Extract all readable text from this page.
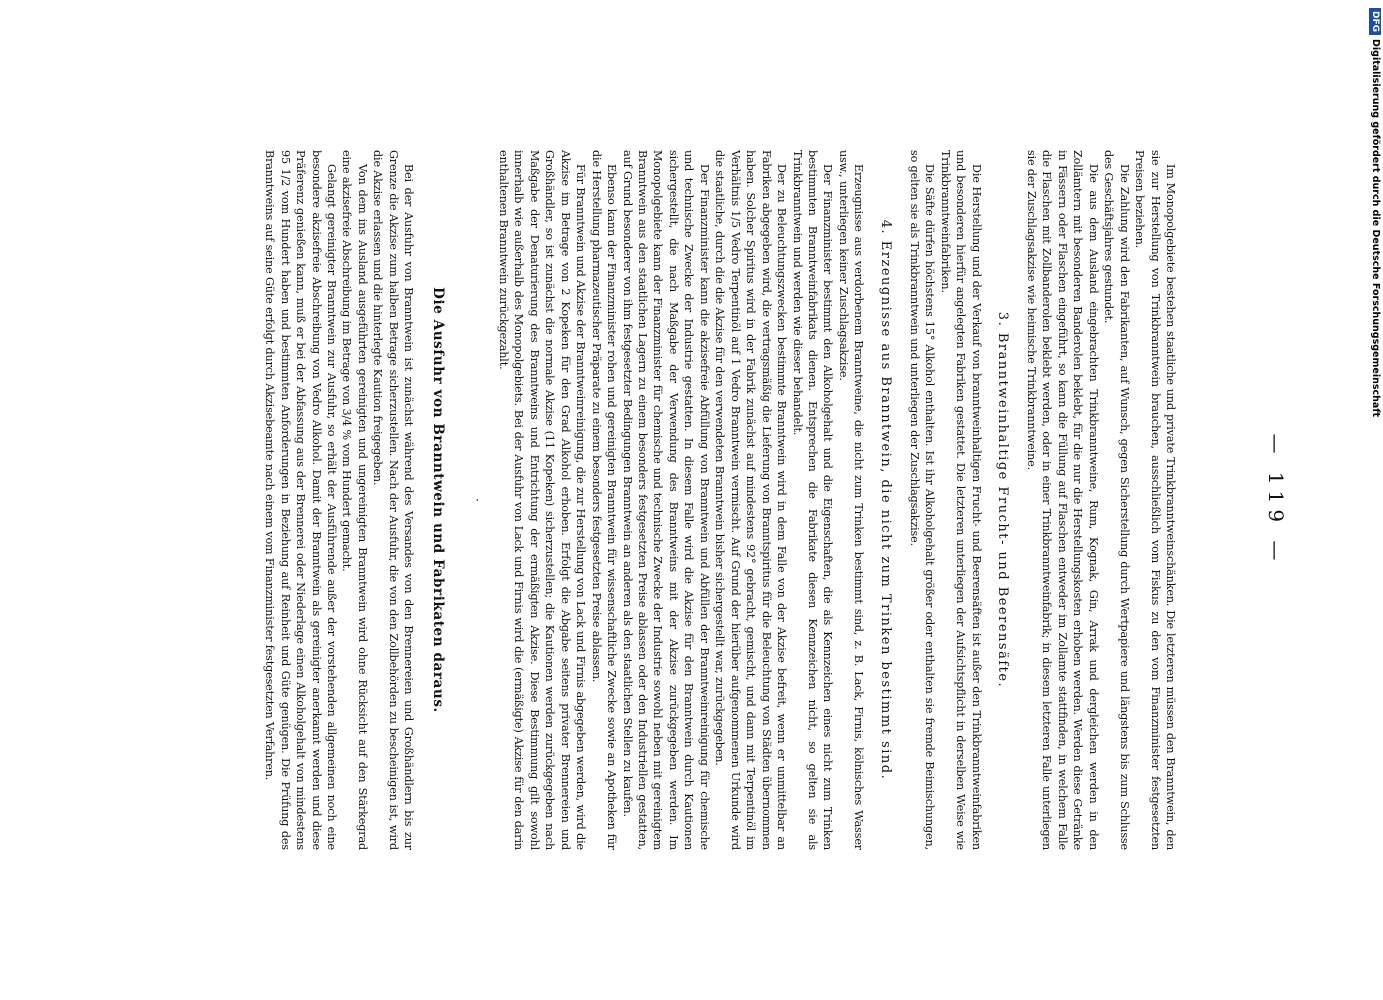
— 119 —

Im Monopolgebiete bestehen staatliche und private Trinkbranntweinschänken. Die letzteren müssen den Branntwein, den sie zur Herstellung von Trinkbranntwein brauchen, ausschließlich vom Fiskus zu den vom Finanzminister festgesetzten Preisen beziehen.

Die Zahlung wird den Fabrikanten, auf Wunsch, gegen Sicherstellung durch Wertpapiere und längstens bis zum Schlusse des Geschäftsjahres gestundet.

Die aus dem Ausland eingebrachten Trinkbranntweine, Rum, Kognak, Gin, Arrak und dergleichen werden in den Zollämtern mit besonderen Banderolen beklebt, für die nur die Herstellungskosten erhoben werden. Werden diese Getränke in Fässern oder Flaschen eingeführt, so kann die Füllung auf Flaschen entweder im Zollamte stattfinden, in welchem Falle die Flaschen mit Zollbanderolen beklebt werden, oder in einer Trinkbranntweinfabrik; in diesem letzteren Falle unterliegen sie der Zuschlagsakzise wie heimische Trinkbranntweine.

3. Branntweinhaltige Frucht- und Beerensäfte.

Die Herstellung und der Verkauf von branntweinhaltigen Frucht- und Beerensäften ist außer den Trinkbranntweinfabriken und besonderen hierfür angelegten Fabriken gestattet. Die letzteren unterliegen der Aufsichtspflicht in derselben Weise wie Trinkbranntweinfabriken.

Die Säfte dürfen höchstens 15° Alkohol enthalten. Ist ihr Alkoholgehalt größer oder enthalten sie fremde Beimischungen, so gelten sie als Trinkbranntwein und unterliegen der Zuschlagsakzise.

4. Erzeugnisse aus Branntwein, die nicht zum Trinken bestimmt sind.

Erzeugnisse aus verdorbenem Branntweine, die nicht zum Trinken bestimmt sind, z. B. Lack, Firnis, kölnisches Wasser usw., unterliegen keiner Zuschlagsakzise.

Der Finanzminister bestimmt den Alkoholgehalt und die Eigenschaften, die als Kennzeichen eines nicht zum Trinken bestimmten Branntweinfabrikats dienen. Entsprechen die Fabrikate diesen Kennzeichen nicht, so gelten sie als Trinkbranntwein und werden wie dieser behandelt.

Der zu Beleuchtungszwecken bestimmte Branntwein wird in dem Falle von der Akzise befreit, wenn er unmittelbar an Fabriken abgegeben wird, die vertragsmäßig die Lieferung von Branntspiritus für die Beleuchtung von Städten übernommen haben. Solcher Spiritus wird in der Fabrik zunächst auf mindestens 92° gebracht, gemischt, und dann mit Terpentinöl im Verhältnis 1/5 Vedro Terpentinöl auf 1 Vedro Branntwein vermischt. Auf Grund der hierüber aufgenommenen Urkunde wird die staatliche, durch die die Akzise für den verwendeten Branntwein bisher sichergestellt war, zurückgegeben.

Der Finanzminister kann die akzisefreie Abfüllung von Branntwein und Abfüllen der Branntweinreinigung für chemische und technische Zwecke der Industrie gestatten. In diesem Falle wird die Akzise für den Branntwein durch Kautionen sichergestellt, die nach Maßgabe der Verwendung des Branntweins mit der Akzise zurückgegeben werden. Im Monopolgebiete kann der Finanzminister für chemische und technische Zwecke der Industrie sowohl neben mit gereinigtem Branntwein aus den staatlichen Lagern zu einem besonders festgesetzten Preise ablassen oder den Industriellen gestatten, auf Grund besonderer von ihm festgesetzter Bedingungen Branntwein an anderen als den staatlichen Stellen zu kaufen.

Ebenso kann der Finanzminister rohen und gereinigten Branntwein für wissenschaftliche Zwecke sowie an Apotheken für die Herstellung pharmazeutischer Präparate zu einem besonders festgesetzten Preise ablassen.

Für Branntwein und Akzise der Branntweinreinigung, die zur Herstellung von Lack und Firnis abgegeben werden, wird die Akzise im Betrage von 2 Kopeken für den Grad Alkohol erhoben. Erfolgt die Abgabe seitens privater Brennereien und Großhändler, so ist zunächst die normale Akzise (11 Kopeken) sicherzustellen; die Kautionen werden zurückgegeben nach Maßgabe der Denaturierung des Branntweins und Entrichtung der ermäßigten Akzise. Diese Bestimmung gilt sowohl innerhalb wie außerhalb des Monopolgebiets. Bei der Ausfuhr von Lack und Firnis wird die (ermäßigte) Akzise für den darin enthaltenen Branntwein zurückgezahlt.

·
Die Ausfuhr von Branntwein und Fabrikaten daraus.

Bei der Ausfuhr von Branntwein ist zunächst während des Versandes von den Brennereien und Großhändlern bis zur Grenze die Akzise zum halben Betrage sicherzustellen. Nach der Ausfuhr, die von den Zollbehörden zu bescheinigen ist, wird die Akzise erlassen und die hinterlegte Kaution freigegeben.

Von dem ins Ausland ausgeführten gereinigten und ungereinigten Branntwein wird ohne Rücksicht auf den Stärkegrad eine akzisefreie Abschreibung im Betrage von 3/4 % vom Hundert gemacht.

Gelangt gereinigter Branntwein zur Ausfuhr, so erhält der Ausführende außer der vorstehenden allgemeinen noch eine besondere akzisefreie Abschreibung von Vedro Alkohol. Damit der Branntwein als gereinigter anerkannt werden und diese Präferenz genießen kann, muß er bei der Abfassung aus der Brennerei oder Niederlage einen Alkoholgehalt von mindestens 95 1/2 vom Hundert haben und bestimmten Anforderungen in Beziehung auf Reinheit und Güte genügen. Die Prüfung des Branntweins auf seine Güte erfolgt durch Akzisebeamte nach einem vom Finanzminister festgesetzten Verfahren.

DFGDigitalisierung gefördert durch die Deutsche Forschungsgemeinschaft
